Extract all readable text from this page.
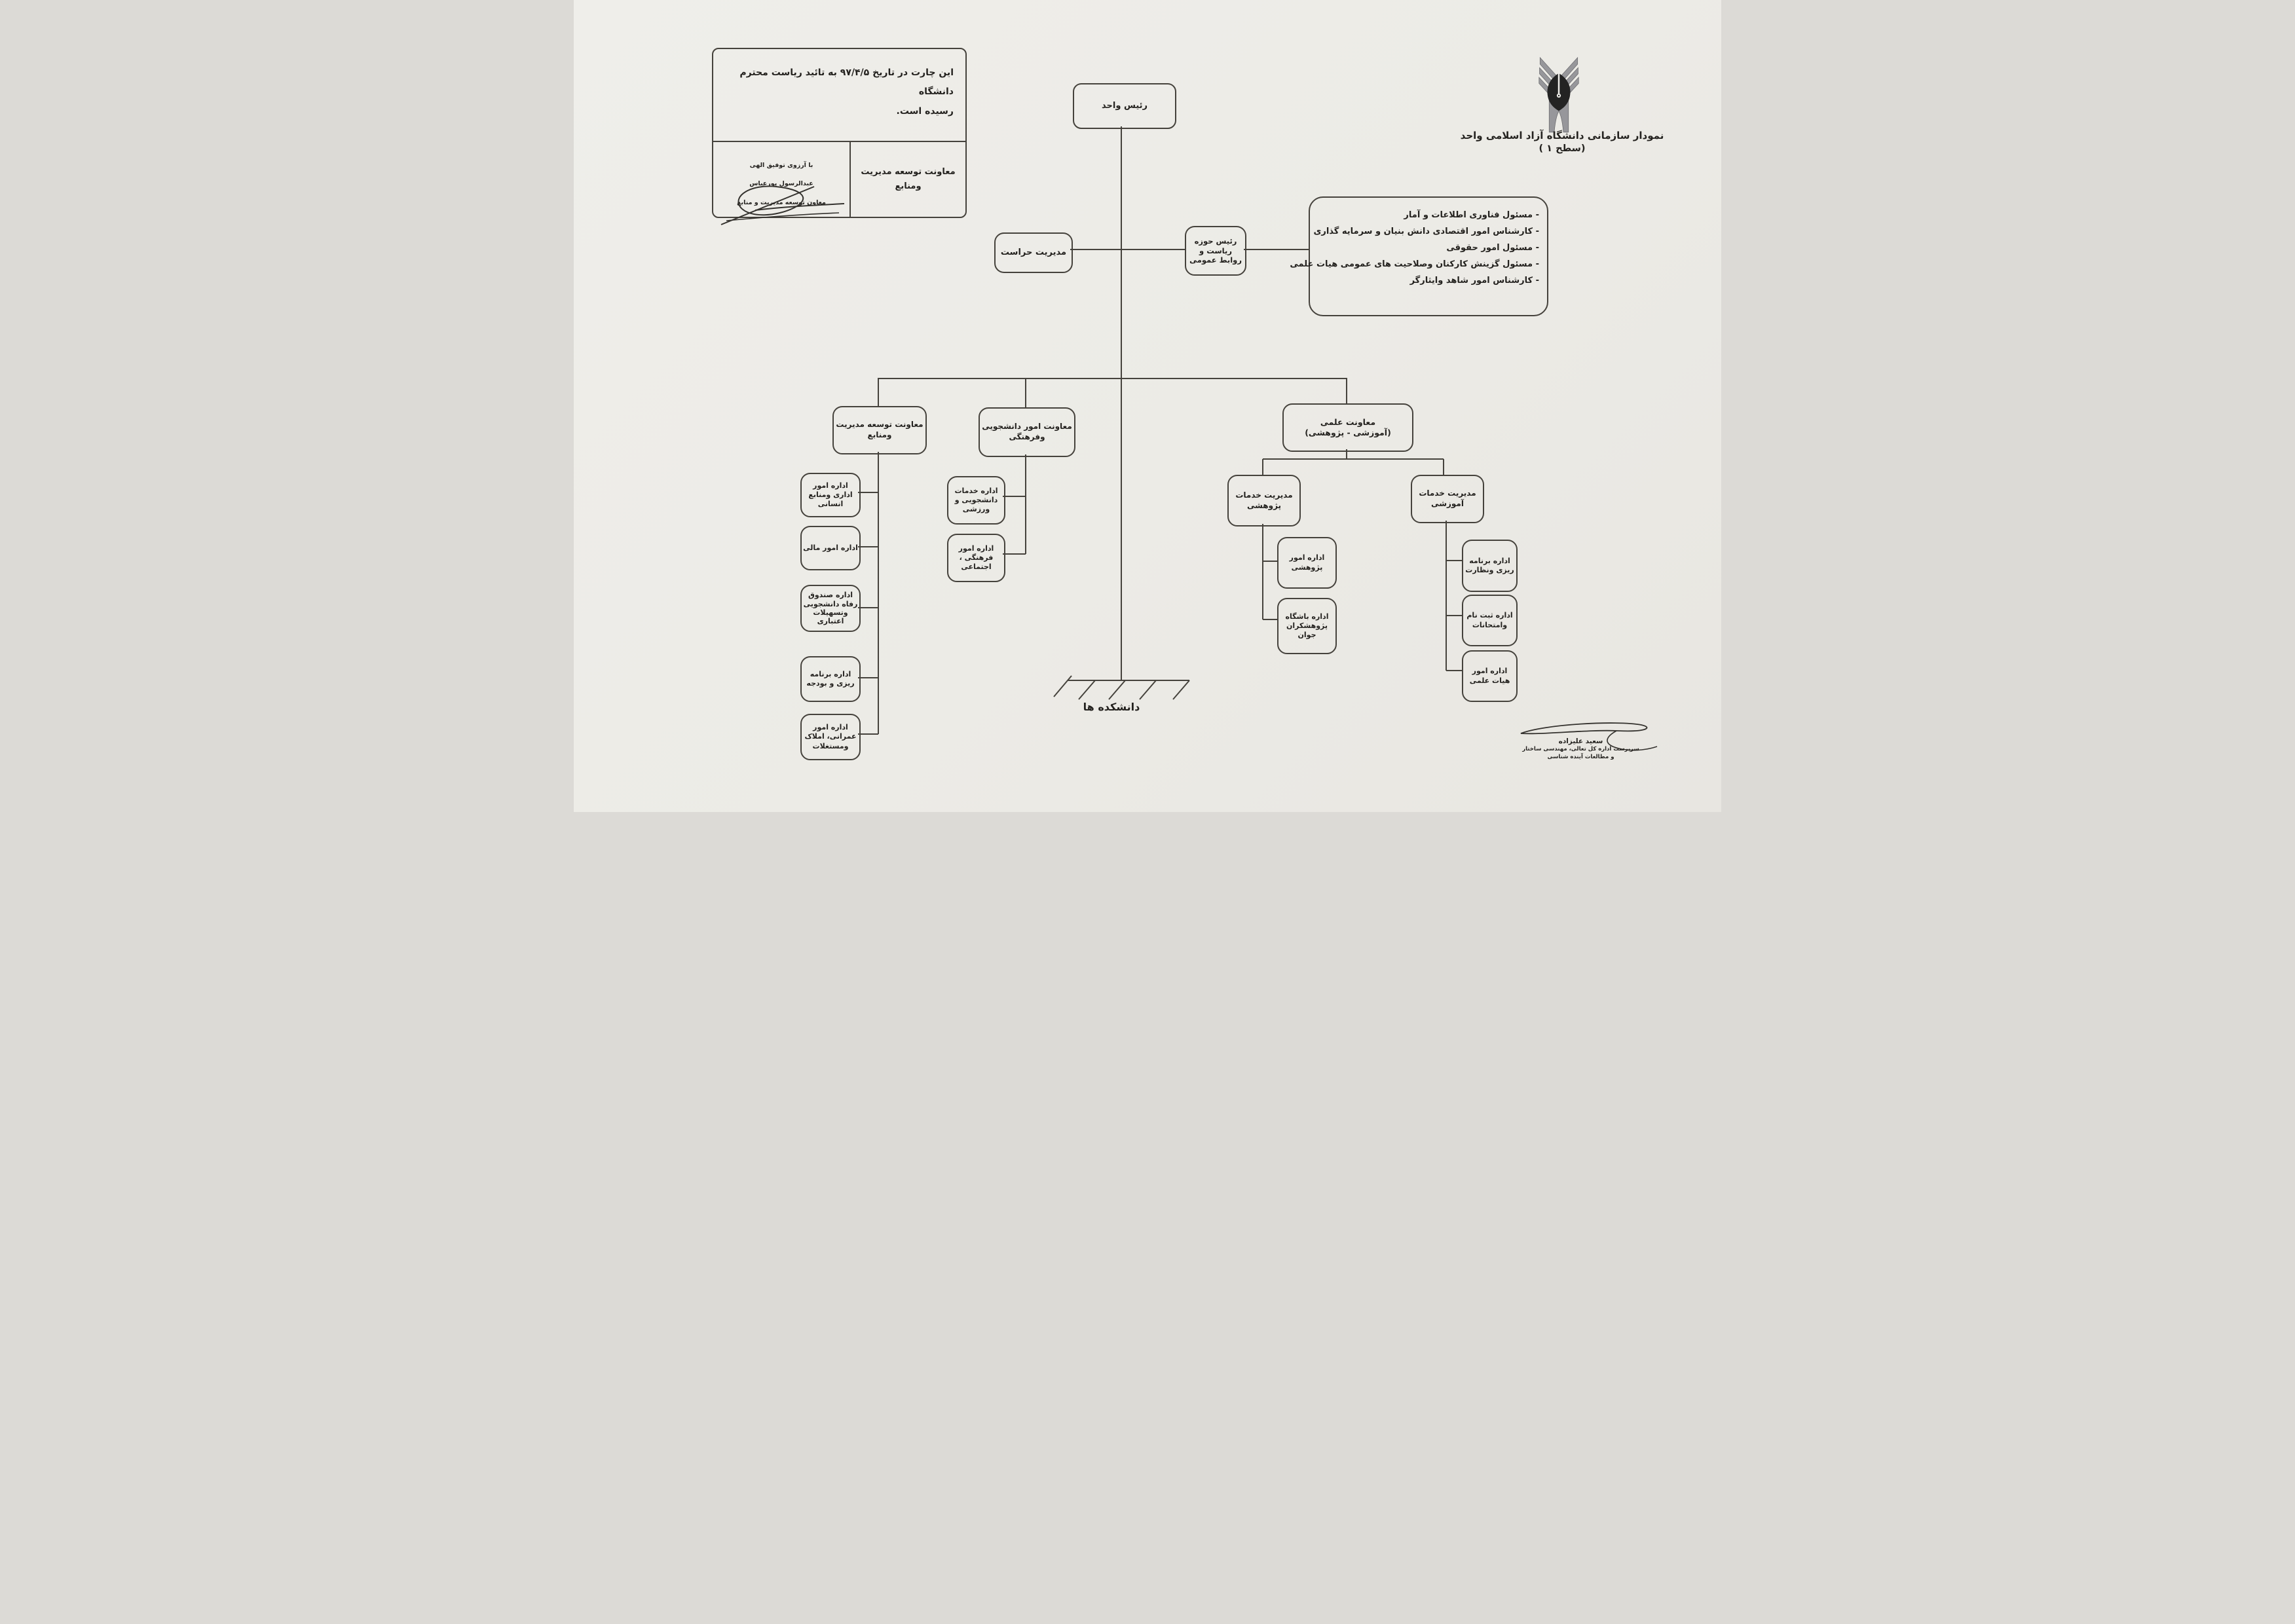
این چارت در تاریخ ۹۷/۴/۵ به تائید ریاست محترم دانشگاه
رسیده است.

با آرزوی توفیق الهی

عبدالرسول پورعباس

معاون توسعه مدیریت و منابع

معاونت توسعه مدیریت
ومنابع
نمودار سازمانی دانشگاه آزاد اسلامی واحد
(سطح ۱ )
رئیس واحد
مدیریت حراست
رئیس حوزه
ریاست و
روابط عمومی
- مسئول فناوری اطلاعات و آمار
- کارشناس امور اقتصادی دانش بنیان و سرمایه گذاری
- مسئول امور حقوقی
- مسئول گزینش کارکنان وصلاحیت های عمومی هیات علمی
- کارشناس امور شاهد وایثارگر
معاونت توسعه مدیریت
ومنابع
معاونت امور دانشجویی
وفرهنگی
معاونت علمی
(آموزشی - پژوهشی)
اداره امور
اداری ومنابع
انسانی
اداره امور مالی
اداره صندوق
رفاه دانشجویی
وتسهیلات
اعتباری
اداره برنامه
ریزی و بودجه
اداره امور
عمرانی، املاک
ومستغلات
اداره خدمات
دانشجویی و
ورزشی
اداره امور
فرهنگی ،
اجتماعی
مدیریت خدمات
پژوهشی
مدیریت خدمات
آموزشی
اداره امور
پژوهشی
اداره باشگاه
پژوهشکران
جوان
اداره برنامه
ریزی ونظارت
اداره ثبت نام
وامتحانات
اداره امور
هیات علمی
دانشکده ها
سعید علیزاده
سرپرست اداره کل تعالی، مهندسی ساختار
و مطالعات آینده شناسی
